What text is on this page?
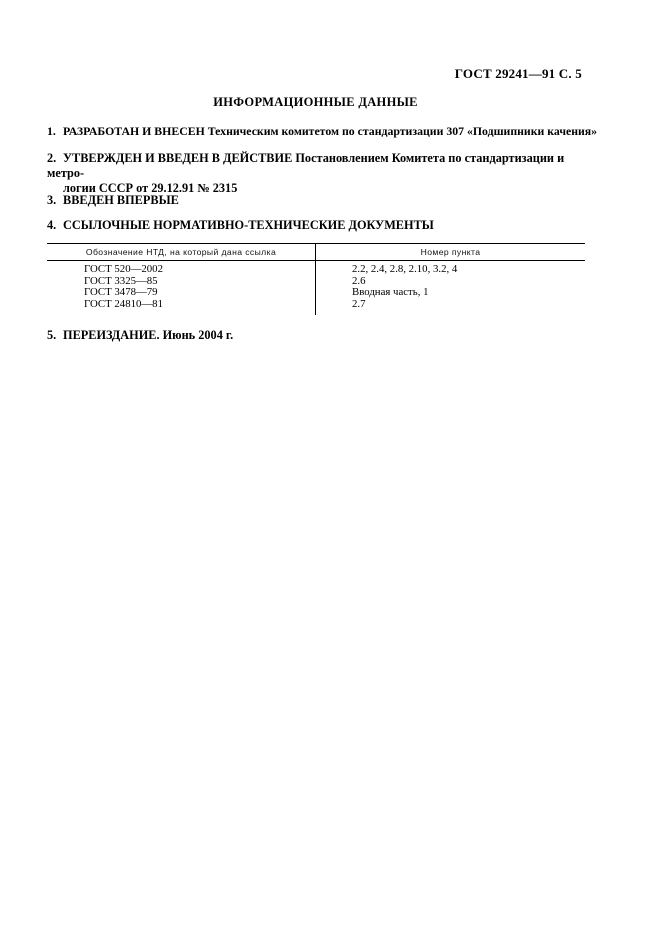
ГОСТ 29241—91 С. 5
ИНФОРМАЦИОННЫЕ ДАННЫЕ
1. РАЗРАБОТАН И ВНЕСЕН Техническим комитетом по стандартизации 307 «Подшипники качения»
2. УТВЕРЖДЕН И ВВЕДЕН В ДЕЙСТВИЕ Постановлением Комитета по стандартизации и метро-
логии СССР от 29.12.91 № 2315
3. ВВЕДЕН ВПЕРВЫЕ
4. ССЫЛОЧНЫЕ НОРМАТИВНО-ТЕХНИЧЕСКИЕ ДОКУМЕНТЫ
Обозначение НТД, на который дана ссылка	Номер пункта
ГОСТ 520—2002	2.2, 2.4, 2.8, 2.10, 3.2, 4
ГОСТ 3325—85	2.6
ГОСТ 3478—79	Вводная часть, 1
ГОСТ 24810—81	2.7
5. ПЕРЕИЗДАНИЕ. Июнь 2004 г.
